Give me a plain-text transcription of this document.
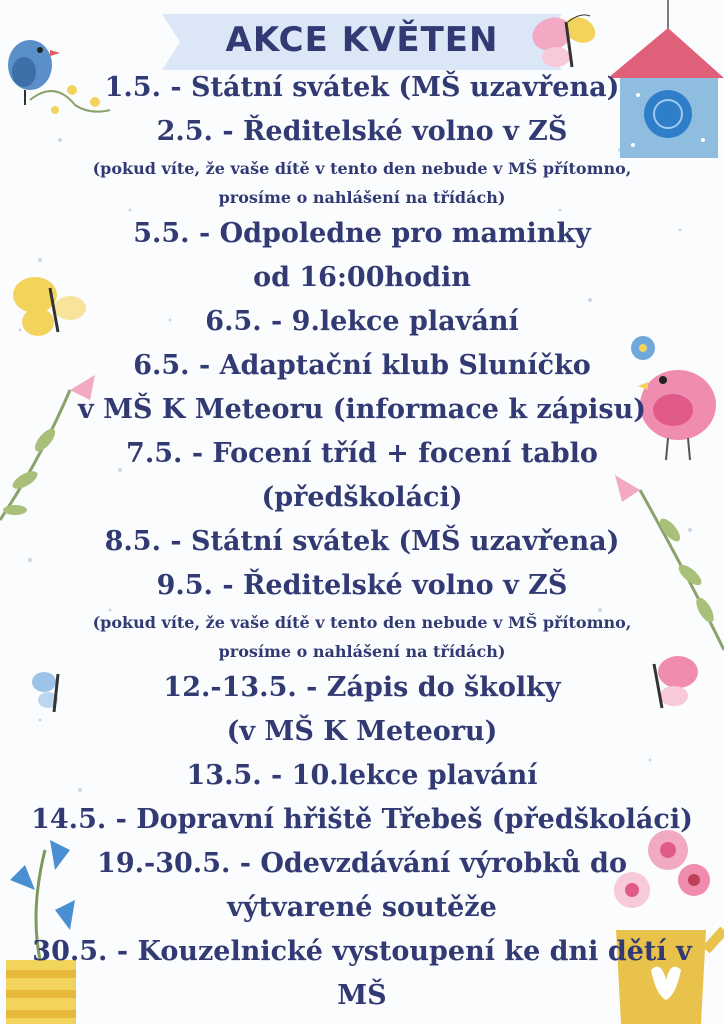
AKCE KVĚTEN
1.5. - Státní svátek (MŠ uzavřena)
2.5. - Ředitelské volno v ZŠ
(pokud víte, že vaše dítě v tento den nebude v MŠ přítomno,
prosíme o nahlášení na třídách)
5.5. - Odpoledne pro maminky
od 16:00hodin
6.5. - 9.lekce plavání
6.5. - Adaptační klub Sluníčko
v MŠ K Meteoru (informace k zápisu)
7.5. - Focení tříd + focení tablo
(předškoláci)
8.5. - Státní svátek (MŠ uzavřena)
9.5. - Ředitelské volno v ZŠ
(pokud víte, že vaše dítě v tento den nebude v MŠ přítomno,
prosíme o nahlášení na třídách)
12.-13.5. - Zápis do školky
(v MŠ K Meteoru)
13.5. - 10.lekce plavání
14.5. - Dopravní hřiště Třebeš (předškoláci)
19.-30.5. - Odevzdávání výrobků do
výtvarené soutěže
30.5. - Kouzelnické vystoupení ke dni dětí v
MŠ
